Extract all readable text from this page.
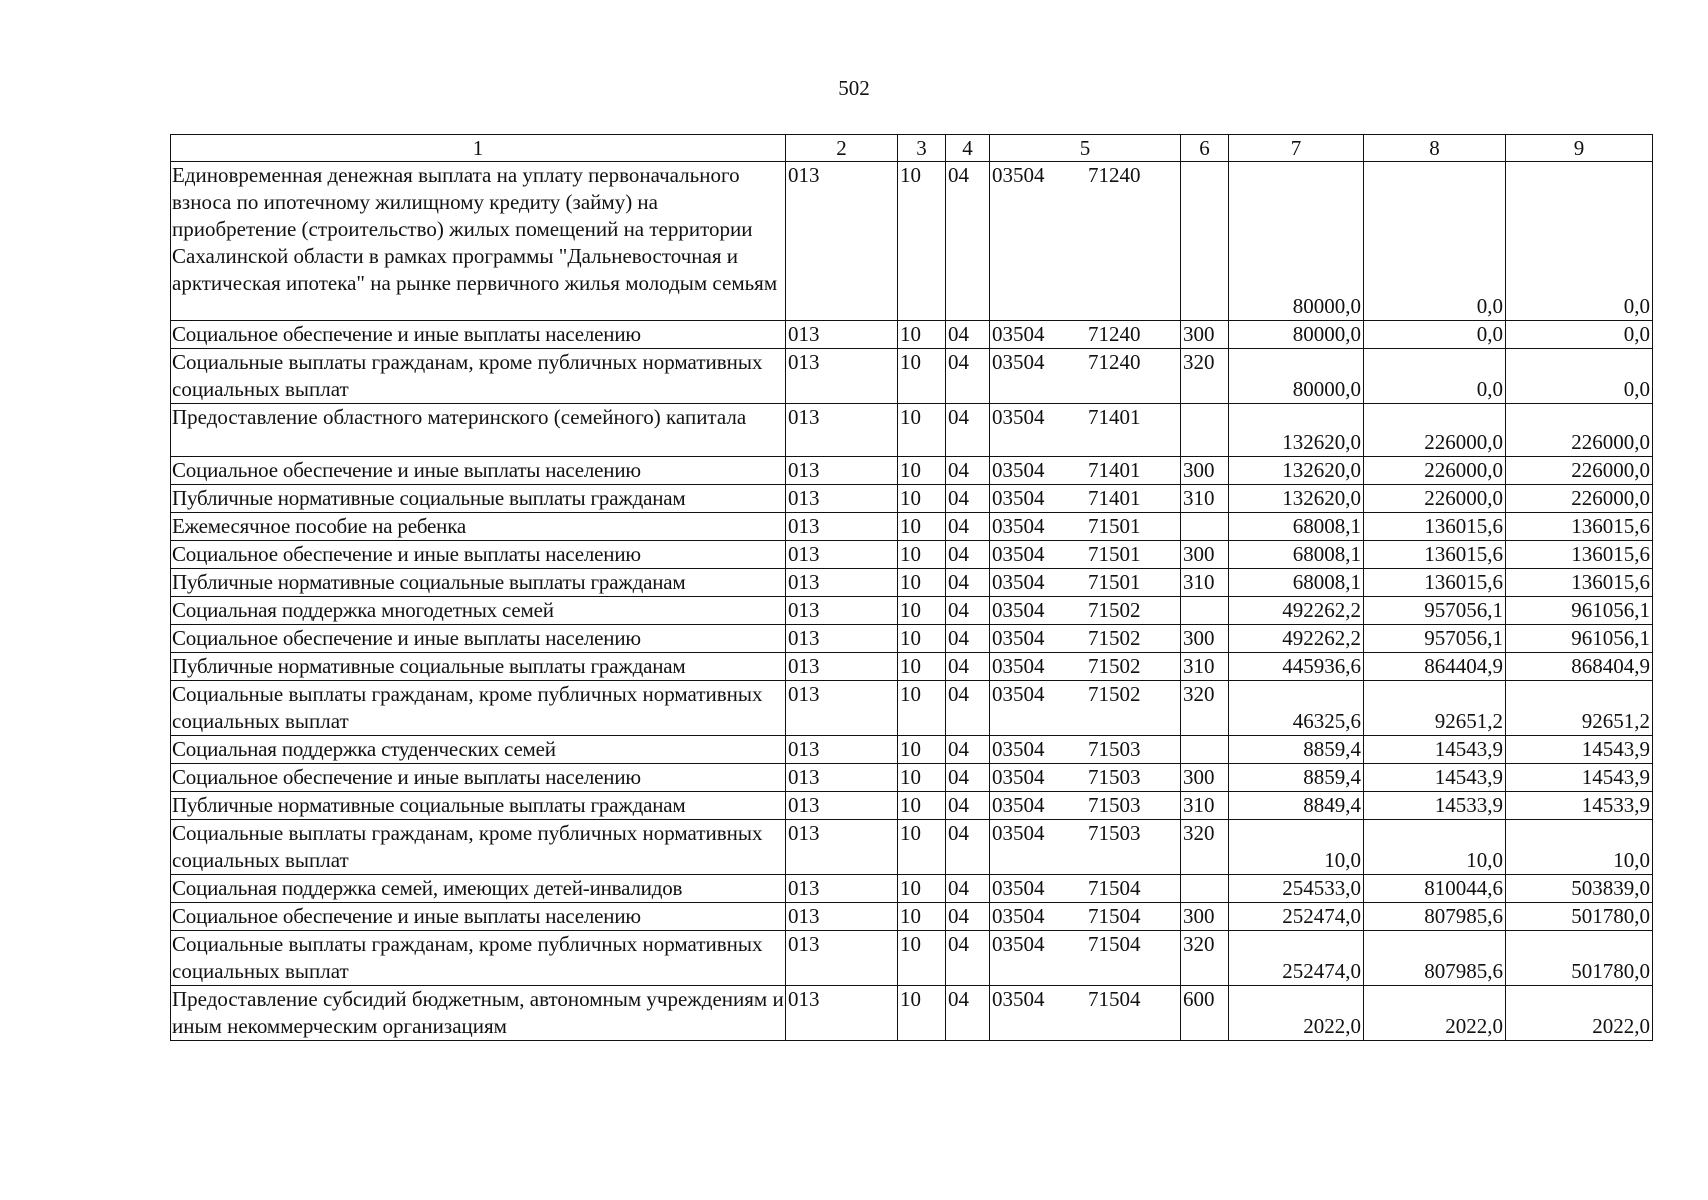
502
1	2	3	4	5	6	7	8	9
Единовременная денежная выплата на уплату первоначального взноса по ипотечному жилищному кредиту (займу) на приобретение (строительство) жилых помещений на территории Сахалинской области в рамках программы "Дальневосточная и арктическая ипотека" на рынке первичного жилья молодым семьям	013	10	04	03504 71240		80000,0	0,0	0,0
Социальное обеспечение и иные выплаты населению	013	10	04	03504 71240	300	80000,0	0,0	0,0
Социальные выплаты гражданам, кроме публичных нормативных социальных выплат	013	10	04	03504 71240	320	80000,0	0,0	0,0
Предоставление областного материнского (семейного) капитала	013	10	04	03504 71401		132620,0	226000,0	226000,0
Социальное обеспечение и иные выплаты населению	013	10	04	03504 71401	300	132620,0	226000,0	226000,0
Публичные нормативные социальные выплаты гражданам	013	10	04	03504 71401	310	132620,0	226000,0	226000,0
Ежемесячное пособие на ребенка	013	10	04	03504 71501		68008,1	136015,6	136015,6
Социальное обеспечение и иные выплаты населению	013	10	04	03504 71501	300	68008,1	136015,6	136015,6
Публичные нормативные социальные выплаты гражданам	013	10	04	03504 71501	310	68008,1	136015,6	136015,6
Социальная поддержка многодетных семей	013	10	04	03504 71502		492262,2	957056,1	961056,1
Социальное обеспечение и иные выплаты населению	013	10	04	03504 71502	300	492262,2	957056,1	961056,1
Публичные нормативные социальные выплаты гражданам	013	10	04	03504 71502	310	445936,6	864404,9	868404,9
Социальные выплаты гражданам, кроме публичных нормативных социальных выплат	013	10	04	03504 71502	320	46325,6	92651,2	92651,2
Социальная поддержка студенческих семей	013	10	04	03504 71503		8859,4	14543,9	14543,9
Социальное обеспечение и иные выплаты населению	013	10	04	03504 71503	300	8859,4	14543,9	14543,9
Публичные нормативные социальные выплаты гражданам	013	10	04	03504 71503	310	8849,4	14533,9	14533,9
Социальные выплаты гражданам, кроме публичных нормативных социальных выплат	013	10	04	03504 71503	320	10,0	10,0	10,0
Социальная поддержка семей, имеющих детей-инвалидов	013	10	04	03504 71504		254533,0	810044,6	503839,0
Социальное обеспечение и иные выплаты населению	013	10	04	03504 71504	300	252474,0	807985,6	501780,0
Социальные выплаты гражданам, кроме публичных нормативных социальных выплат	013	10	04	03504 71504	320	252474,0	807985,6	501780,0
Предоставление субсидий бюджетным, автономным учреждениям и иным некоммерческим организациям	013	10	04	03504 71504	600	2022,0	2022,0	2022,0
